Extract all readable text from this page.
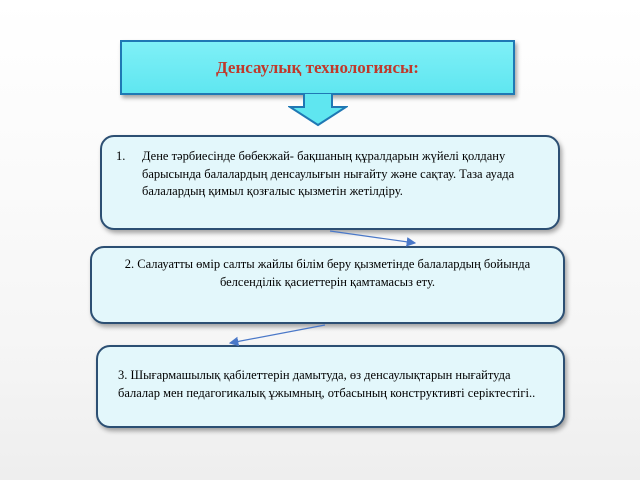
Денсаулық технологиясы:
1.	Дене тәрбиесінде бөбекжай- бақшаның құралдарын жүйелі қолдану барысында балалардың денсаулығын нығайту және сақтау. Таза ауада балалардың қимыл қозғалыс қызметін жетілдіру.
2. Салауатты өмір салты жайлы білім беру қызметінде балалардың бойында белсенділік қасиеттерін қамтамасыз ету.
3. Шығармашылық қабілеттерін дамытуда, өз денсаулықтарын нығайтуда балалар мен педагогикалық ұжымның, отбасының конструктивті серіктестігі..
